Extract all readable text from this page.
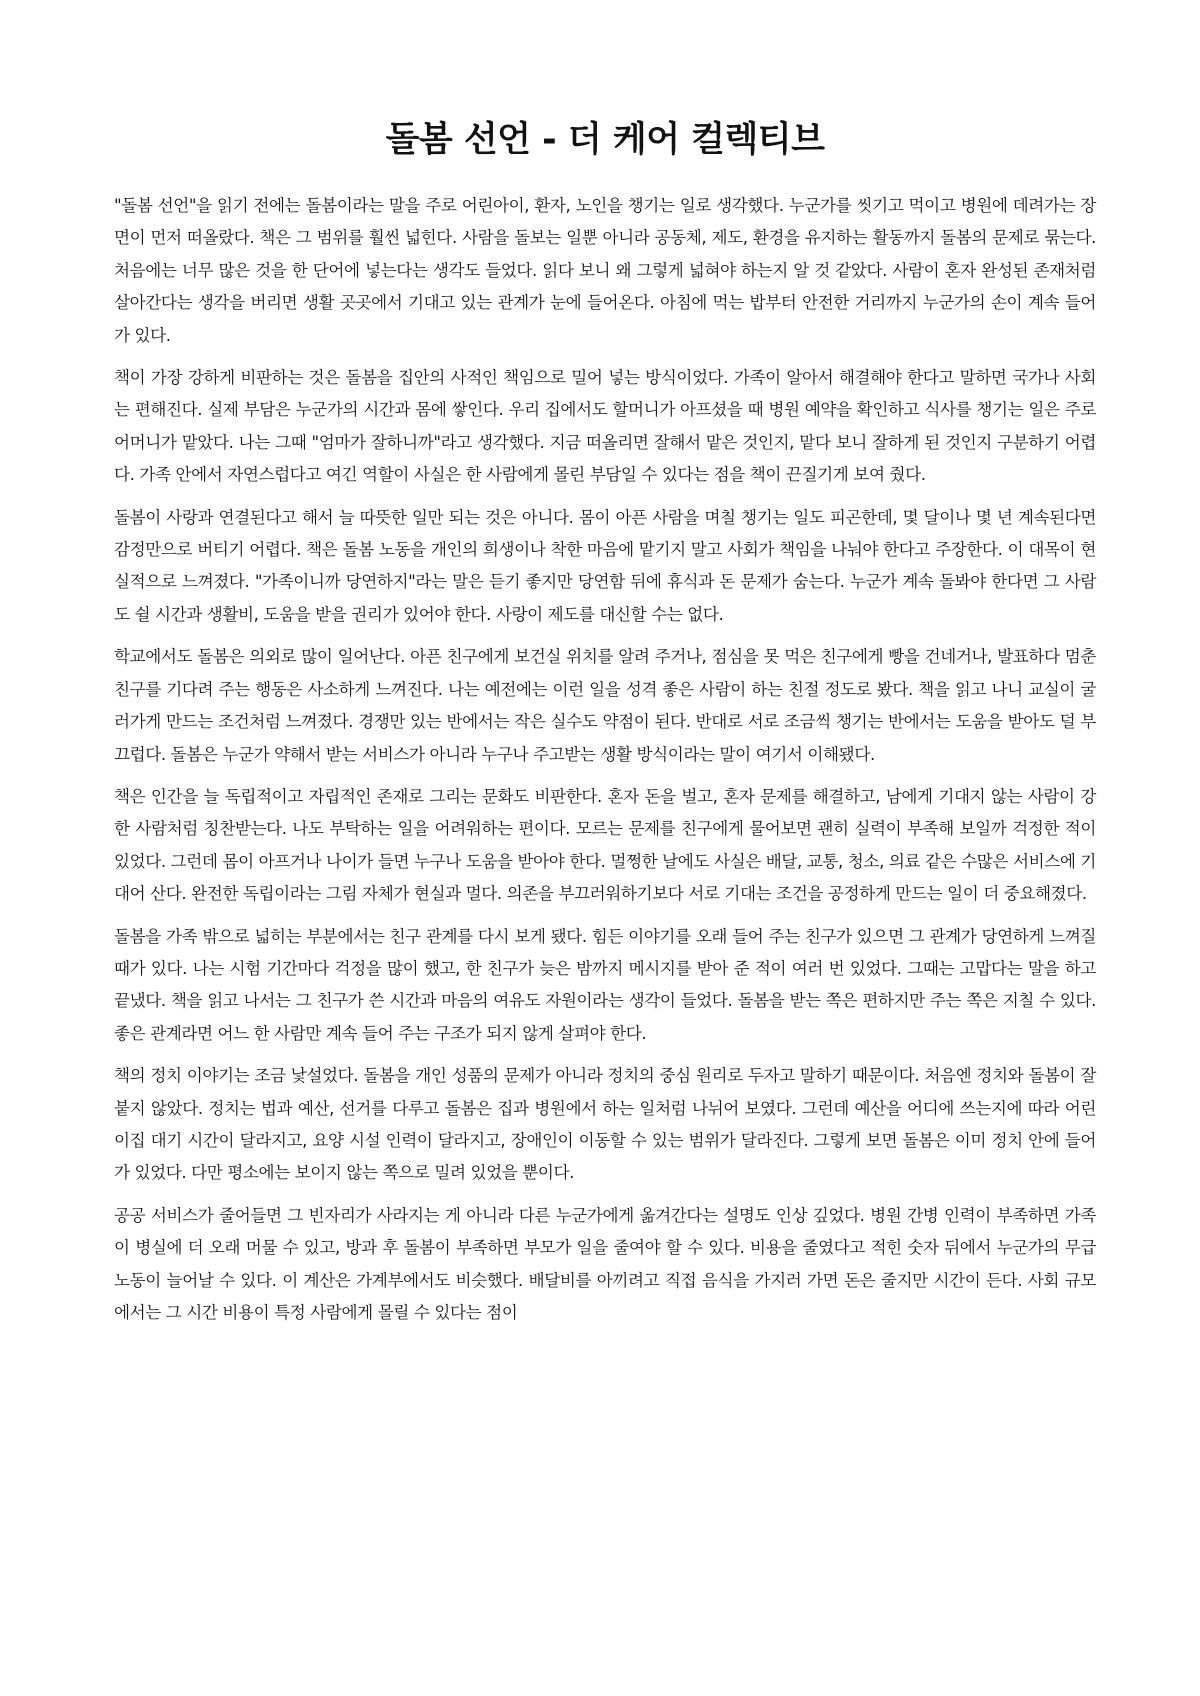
돌봄 선언 - 더 케어 컬렉티브

"돌봄 선언"을 읽기 전에는 돌봄이라는 말을 주로 어린아이, 환자, 노인을 챙기는 일로 생각했다. 누군가를 씻기고 먹이고 병원에 데려가는 장면이 먼저 떠올랐다. 책은 그 범위를 훨씬 넓힌다. 사람을 돌보는 일뿐 아니라 공동체, 제도, 환경을 유지하는 활동까지 돌봄의 문제로 묶는다. 처음에는 너무 많은 것을 한 단어에 넣는다는 생각도 들었다. 읽다 보니 왜 그렇게 넓혀야 하는지 알 것 같았다. 사람이 혼자 완성된 존재처럼 살아간다는 생각을 버리면 생활 곳곳에서 기대고 있는 관계가 눈에 들어온다. 아침에 먹는 밥부터 안전한 거리까지 누군가의 손이 계속 들어가 있다.

책이 가장 강하게 비판하는 것은 돌봄을 집안의 사적인 책임으로 밀어 넣는 방식이었다. 가족이 알아서 해결해야 한다고 말하면 국가나 사회는 편해진다. 실제 부담은 누군가의 시간과 몸에 쌓인다. 우리 집에서도 할머니가 아프셨을 때 병원 예약을 확인하고 식사를 챙기는 일은 주로 어머니가 맡았다. 나는 그때 "엄마가 잘하니까"라고 생각했다. 지금 떠올리면 잘해서 맡은 것인지, 맡다 보니 잘하게 된 것인지 구분하기 어렵다. 가족 안에서 자연스럽다고 여긴 역할이 사실은 한 사람에게 몰린 부담일 수 있다는 점을 책이 끈질기게 보여 줬다.

돌봄이 사랑과 연결된다고 해서 늘 따뜻한 일만 되는 것은 아니다. 몸이 아픈 사람을 며칠 챙기는 일도 피곤한데, 몇 달이나 몇 년 계속된다면 감정만으로 버티기 어렵다. 책은 돌봄 노동을 개인의 희생이나 착한 마음에 맡기지 말고 사회가 책임을 나눠야 한다고 주장한다. 이 대목이 현실적으로 느껴졌다. "가족이니까 당연하지"라는 말은 듣기 좋지만 당연함 뒤에 휴식과 돈 문제가 숨는다. 누군가 계속 돌봐야 한다면 그 사람도 쉴 시간과 생활비, 도움을 받을 권리가 있어야 한다. 사랑이 제도를 대신할 수는 없다.

학교에서도 돌봄은 의외로 많이 일어난다. 아픈 친구에게 보건실 위치를 알려 주거나, 점심을 못 먹은 친구에게 빵을 건네거나, 발표하다 멈춘 친구를 기다려 주는 행동은 사소하게 느껴진다. 나는 예전에는 이런 일을 성격 좋은 사람이 하는 친절 정도로 봤다. 책을 읽고 나니 교실이 굴러가게 만드는 조건처럼 느껴졌다. 경쟁만 있는 반에서는 작은 실수도 약점이 된다. 반대로 서로 조금씩 챙기는 반에서는 도움을 받아도 덜 부끄럽다. 돌봄은 누군가 약해서 받는 서비스가 아니라 누구나 주고받는 생활 방식이라는 말이 여기서 이해됐다.

책은 인간을 늘 독립적이고 자립적인 존재로 그리는 문화도 비판한다. 혼자 돈을 벌고, 혼자 문제를 해결하고, 남에게 기대지 않는 사람이 강한 사람처럼 칭찬받는다. 나도 부탁하는 일을 어려워하는 편이다. 모르는 문제를 친구에게 물어보면 괜히 실력이 부족해 보일까 걱정한 적이 있었다. 그런데 몸이 아프거나 나이가 들면 누구나 도움을 받아야 한다. 멀쩡한 날에도 사실은 배달, 교통, 청소, 의료 같은 수많은 서비스에 기대어 산다. 완전한 독립이라는 그림 자체가 현실과 멀다. 의존을 부끄러워하기보다 서로 기대는 조건을 공정하게 만드는 일이 더 중요해졌다.

돌봄을 가족 밖으로 넓히는 부분에서는 친구 관계를 다시 보게 됐다. 힘든 이야기를 오래 들어 주는 친구가 있으면 그 관계가 당연하게 느껴질 때가 있다. 나는 시험 기간마다 걱정을 많이 했고, 한 친구가 늦은 밤까지 메시지를 받아 준 적이 여러 번 있었다. 그때는 고맙다는 말을 하고 끝냈다. 책을 읽고 나서는 그 친구가 쓴 시간과 마음의 여유도 자원이라는 생각이 들었다. 돌봄을 받는 쪽은 편하지만 주는 쪽은 지칠 수 있다. 좋은 관계라면 어느 한 사람만 계속 들어 주는 구조가 되지 않게 살펴야 한다.

책의 정치 이야기는 조금 낯설었다. 돌봄을 개인 성품의 문제가 아니라 정치의 중심 원리로 두자고 말하기 때문이다. 처음엔 정치와 돌봄이 잘 붙지 않았다. 정치는 법과 예산, 선거를 다루고 돌봄은 집과 병원에서 하는 일처럼 나뉘어 보였다. 그런데 예산을 어디에 쓰는지에 따라 어린이집 대기 시간이 달라지고, 요양 시설 인력이 달라지고, 장애인이 이동할 수 있는 범위가 달라진다. 그렇게 보면 돌봄은 이미 정치 안에 들어가 있었다. 다만 평소에는 보이지 않는 쪽으로 밀려 있었을 뿐이다.

공공 서비스가 줄어들면 그 빈자리가 사라지는 게 아니라 다른 누군가에게 옮겨간다는 설명도 인상 깊었다. 병원 간병 인력이 부족하면 가족이 병실에 더 오래 머물 수 있고, 방과 후 돌봄이 부족하면 부모가 일을 줄여야 할 수 있다. 비용을 줄였다고 적힌 숫자 뒤에서 누군가의 무급 노동이 늘어날 수 있다. 이 계산은 가계부에서도 비슷했다. 배달비를 아끼려고 직접 음식을 가지러 가면 돈은 줄지만 시간이 든다. 사회 규모에서는 그 시간 비용이 특정 사람에게 몰릴 수 있다는 점이
